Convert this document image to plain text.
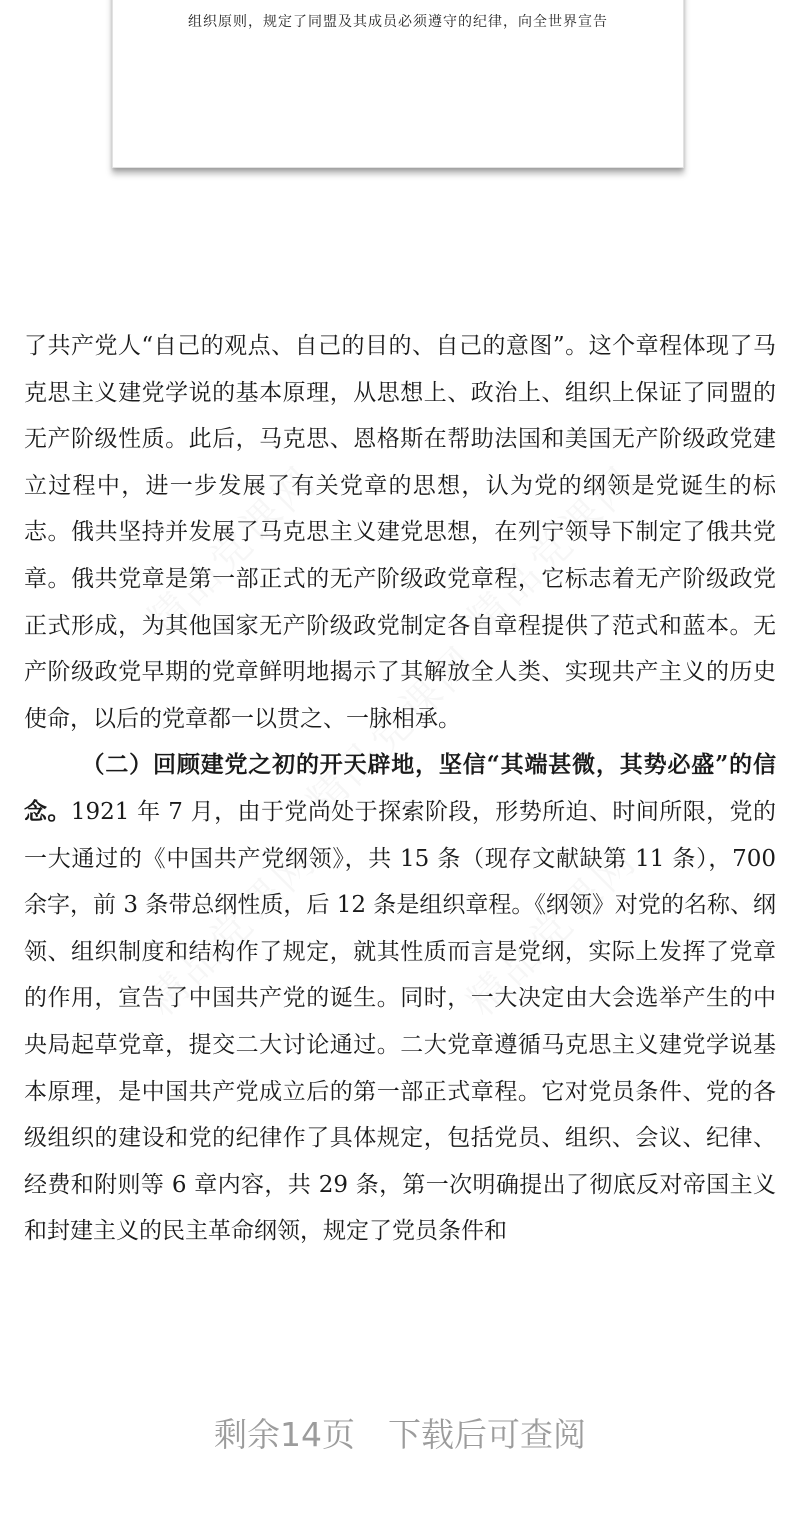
组织原则，规定了同盟及其成员必须遵守的纪律，向全世界宣告

了共产党人“自己的观点、自己的目的、自己的意图”。这个章程体现了马克思主义建党学说的基本原理，从思想上、政治上、组织上保证了同盟的无产阶级性质。此后，马克思、恩格斯在帮助法国和美国无产阶级政党建立过程中，进一步发展了有关党章的思想，认为党的纲领是党诞生的标志。俄共坚持并发展了马克思主义建党思想，在列宁领导下制定了俄共党章。俄共党章是第一部正式的无产阶级政党章程，它标志着无产阶级政党正式形成，为其他国家无产阶级政党制定各自章程提供了范式和蓝本。无产阶级政党早期的党章鲜明地揭示了其解放全人类、实现共产主义的历史使命，以后的党章都一以贯之、一脉相承。

（二）回顾建党之初的开天辟地，坚信“其端甚微，其势必盛”的信念。1921 年 7 月，由于党尚处于探索阶段，形势所迫、时间所限，党的一大通过的《中国共产党纲领》，共 15 条（现存文献缺第 11 条），700 余字，前 3 条带总纲性质，后 12 条是组织章程。《纲领》对党的名称、纲领、组织制度和结构作了规定，就其性质而言是党纲，实际上发挥了党章的作用，宣告了中国共产党的诞生。同时，一大决定由大会选举产生的中央局起草党章，提交二大讨论通过。二大党章遵循马克思主义建党学说基本原理，是中国共产党成立后的第一部正式章程。它对党员条件、党的各级组织的建设和党的纪律作了具体规定，包括党员、组织、会议、纪律、经费和附则等 6 章内容，共 29 条，第一次明确提出了彻底反对帝国主义和封建主义的民主革命纲领，规定了党员条件和

剩余14页 下载后可查阅
